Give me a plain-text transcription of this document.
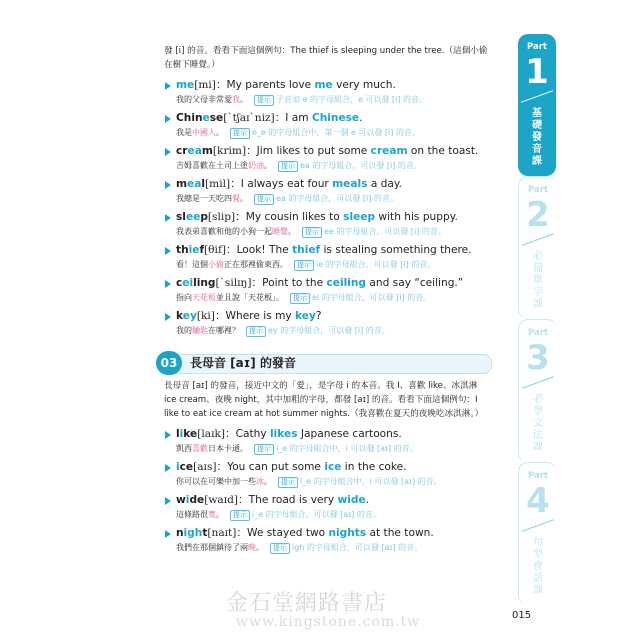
發 [i] 的音。看看下面這個例句：The thief is sleeping under the tree.（這個小偷在樹下睡覺。）

me[mi]：My parents love me very much.
我的父母非常愛我。 提示 子音加 e 的字母組合，e 可以發 [i] 的音。
Chinese[ˋtʃaɪˋniz]：I am Chinese.
我是中國人。 提示 e_e 的字母組合中，第一個 e 可以發 [i] 的音。
cream[krim]：Jim likes to put some cream on the toast.
吉姆喜歡在土司上塗奶油。 提示 ea 的字母組合，可以發 [i] 的音。
meal[mil]：I always eat four meals a day.
我總是一天吃四餐。 提示 ea 的字母組合，可以發 [i] 的音。
sleep[slip]：My cousin likes to sleep with his puppy.
我表弟喜歡和他的小狗一起睡覺。 提示 ee 的字母組合，可以發 [i] 的音。
thief[θif]：Look! The thief is stealing something there.
看！這個小偷正在那裡偷東西。 提示 ie 的字母組合，可以發 [i] 的音。
ceiling[ˋsilɪŋ]：Point to the ceiling and say “ceiling.”
指向天花板並且說「天花板」。 提示 ei 的字母組合，可以發 [i] 的音。
key[ki]：Where is my key?
我的鑰匙在哪裡？ 提示 ey 的字母組合，可以發 [i] 的音。
03	長母音 [aɪ] 的發音

長母音 [aɪ] 的發音，接近中文的「愛」，是字母 i 的本音。我 I、喜歡 like、冰淇淋 ice cream、夜晚 night，其中加粗的字母，都發 [aɪ] 的音。看看下面這個例句：I like to eat ice cream at hot summer nights.（我喜歡在夏天的夜晚吃冰淇淋。）

like[laɪk]：Cathy likes Japanese cartoons.
凱西喜歡日本卡通。 提示 i_e 的字母組合中，i 可以發 [aɪ] 的音。
ice[aɪs]：You can put some ice in the coke.
你可以在可樂中加一些冰。 提示 i_e 的字母組合中，i 可以發 [aɪ] 的音。
wide[waɪd]：The road is very wide.
這條路很寬。 提示 i_e 的字母組合，可以發 [aɪ] 的音。
night[naɪt]：We stayed two nights at the town.
我們在那個鎮待了兩晚。 提示 igh 的字母組合，可以發 [aɪ] 的音。
Part
1
基礎發音課
Part
2
必備單字課
Part
3
必學文法課
Part
4
句型會話課
金石堂網路書店
www.kingstone.com.tw	015
